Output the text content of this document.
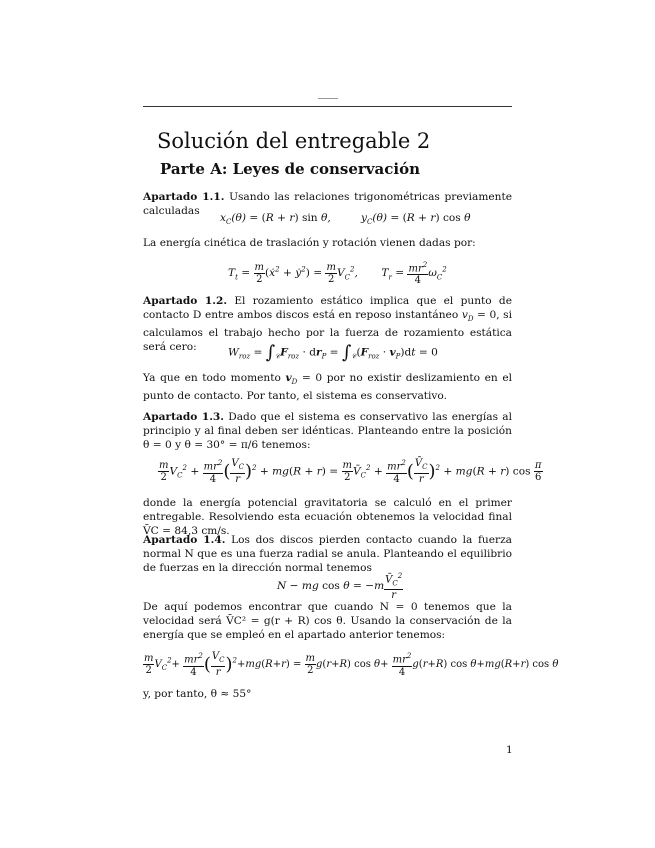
Solución del entregable 2
Parte A: Leyes de conservación
Apartado 1.1. Usando las relaciones trigonométricas previamente calculadas
$x_C(\theta) = (R + r)$ sin θ,         $y_C(\theta) = (R + r)$ cos θ
La energía cinética de traslación y rotación vienen dadas por:
$T_t = \frac{m}{2}$ (ẋ$^2$ + ẏ$^2$) = $\frac{m}{2} V_C^2$,       $T_r = \frac{mr^2}{4} \omega_C^2$
Apartado 1.2. El rozamiento estático implica que el punto de contacto D entre ambos discos está en reposo instantáneo $v_D = 0$, si calculamos el trabajo hecho por la fuerza de rozamiento estática será cero:	$W_{roz} = \int_𝒞F_{roz} \cdot dr_P = \int_𝒞(F_{roz} \cdot v_P)dt = 0$
Ya que en todo momento $v_D = 0$ por no existir deslizamiento en el punto de contacto. Por tanto, el sistema es conservativo.
Apartado 1.3. Dado que el sistema es conservativo las energías al principio y al final deben ser idénticas. Planteando entre la posición θ = 0 y θ = 30° = π/6 tenemos:
$\frac{m}{2} V_C^2 + \frac{mr^2}{4}$ ( $\frac{V_C}{r} )^2 + mg(R + r) = \frac{m}{2}$ $V̄_C^2 + \frac{mr^2}{4}$ ( $\frac{V̄_C}{r} )^2 + mg(R + r)$ $\cos \frac{\pi}{6}$
donde la energía potencial gravitatoria se calculó en el primer entregable. Resolviendo esta ecuación obtenemos la velocidad final V̄C = 84,3 cm/s.
Apartado 1.4. Los dos discos pierden contacto cuando la fuerza normal N que es una fuerza radial se anula. Planteando el equilibrio de fuerzas en la dirección normal tenemos
N − mg $\cos \theta = -m \frac{V̄_C^2}{r}$
De aquí podemos encontrar que cuando N = 0 tenemos que la velocidad será V̄C² = g(r + R) cos θ. Usando la conservación de la energía que se empleó en el apartado anterior tenemos:
$\frac{m}{2} V_C^2+ \frac{mr^2}{4}$ ( $\frac{V_C}{r} )^2+mg(R+r) = \frac{m}{2} g(r+R)$ $\cos \theta+ \frac{mr^2}{4} g(r+R)$ cos θ+mg(R+r) cos θ
y, por tanto, θ ≈ 55°
1
